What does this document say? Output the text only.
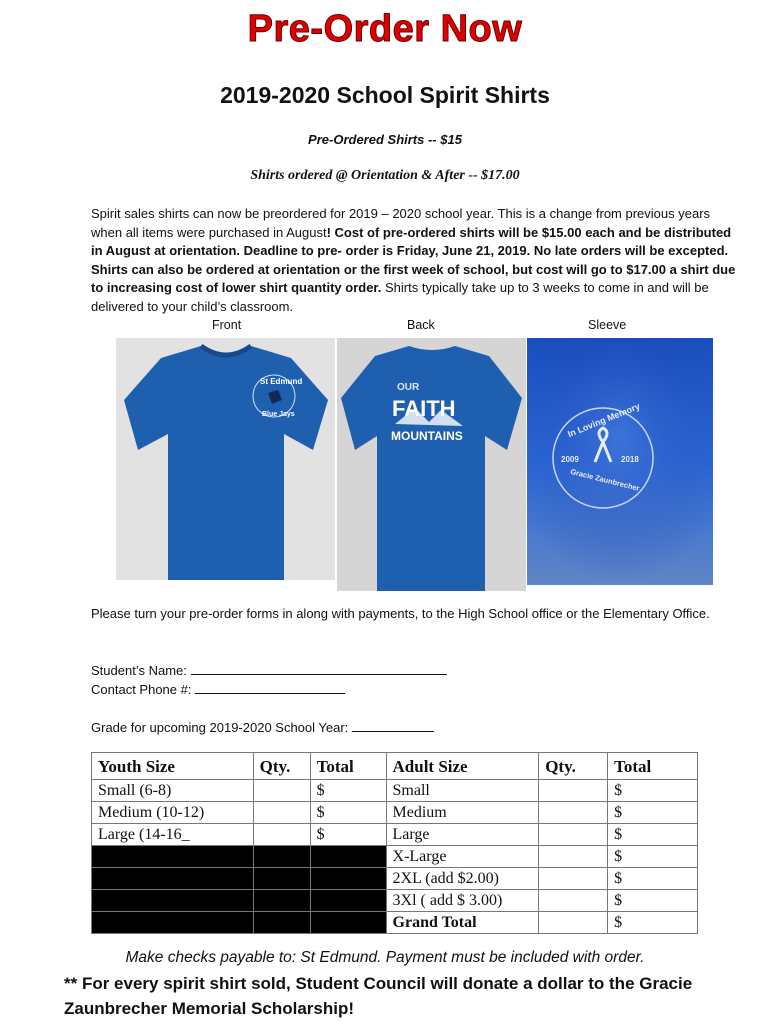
Pre-Order Now
2019-2020 School Spirit Shirts
Pre-Ordered Shirts -- $15
Shirts ordered @ Orientation & After -- $17.00
Spirit sales shirts can now be preordered for 2019 – 2020 school year. This is a change from previous years when all items were purchased in August! Cost of pre-ordered shirts will be $15.00 each and be distributed in August at orientation. Deadline to pre- order is Friday, June 21, 2019. No late orders will be excepted. Shirts can also be ordered at orientation or the first week of school, but cost will go to $17.00 a shirt due to increasing cost of lower shirt quantity order. Shirts typically take up to 3 weeks to come in and will be delivered to your child’s classroom.
Front	Back	Sleeve
St Edmund
Blue Jays
OUR
FAITH
MOUNTAINS	In Loving Memory
2009	2018
Gracie Zaunbrecher
Please turn your pre-order forms in along with payments, to the High School office or the Elementary Office.
Student’s Name:
Contact Phone #:
Grade for upcoming 2019-2020 School Year:
Youth Size	Qty.	Total	Adult Size	Qty.	Total
Small (6-8)		$	Small		$
Medium (10-12)		$	Medium		$
Large (14-16_		$	Large		$
			X-Large		$
			2XL (add $2.00)		$
			3Xl ( add $ 3.00)		$
			Grand Total		$
Make checks payable to: St Edmund. Payment must be included with order.
** For every spirit shirt sold, Student Council will donate a dollar to the Gracie Zaunbrecher Memorial Scholarship!
